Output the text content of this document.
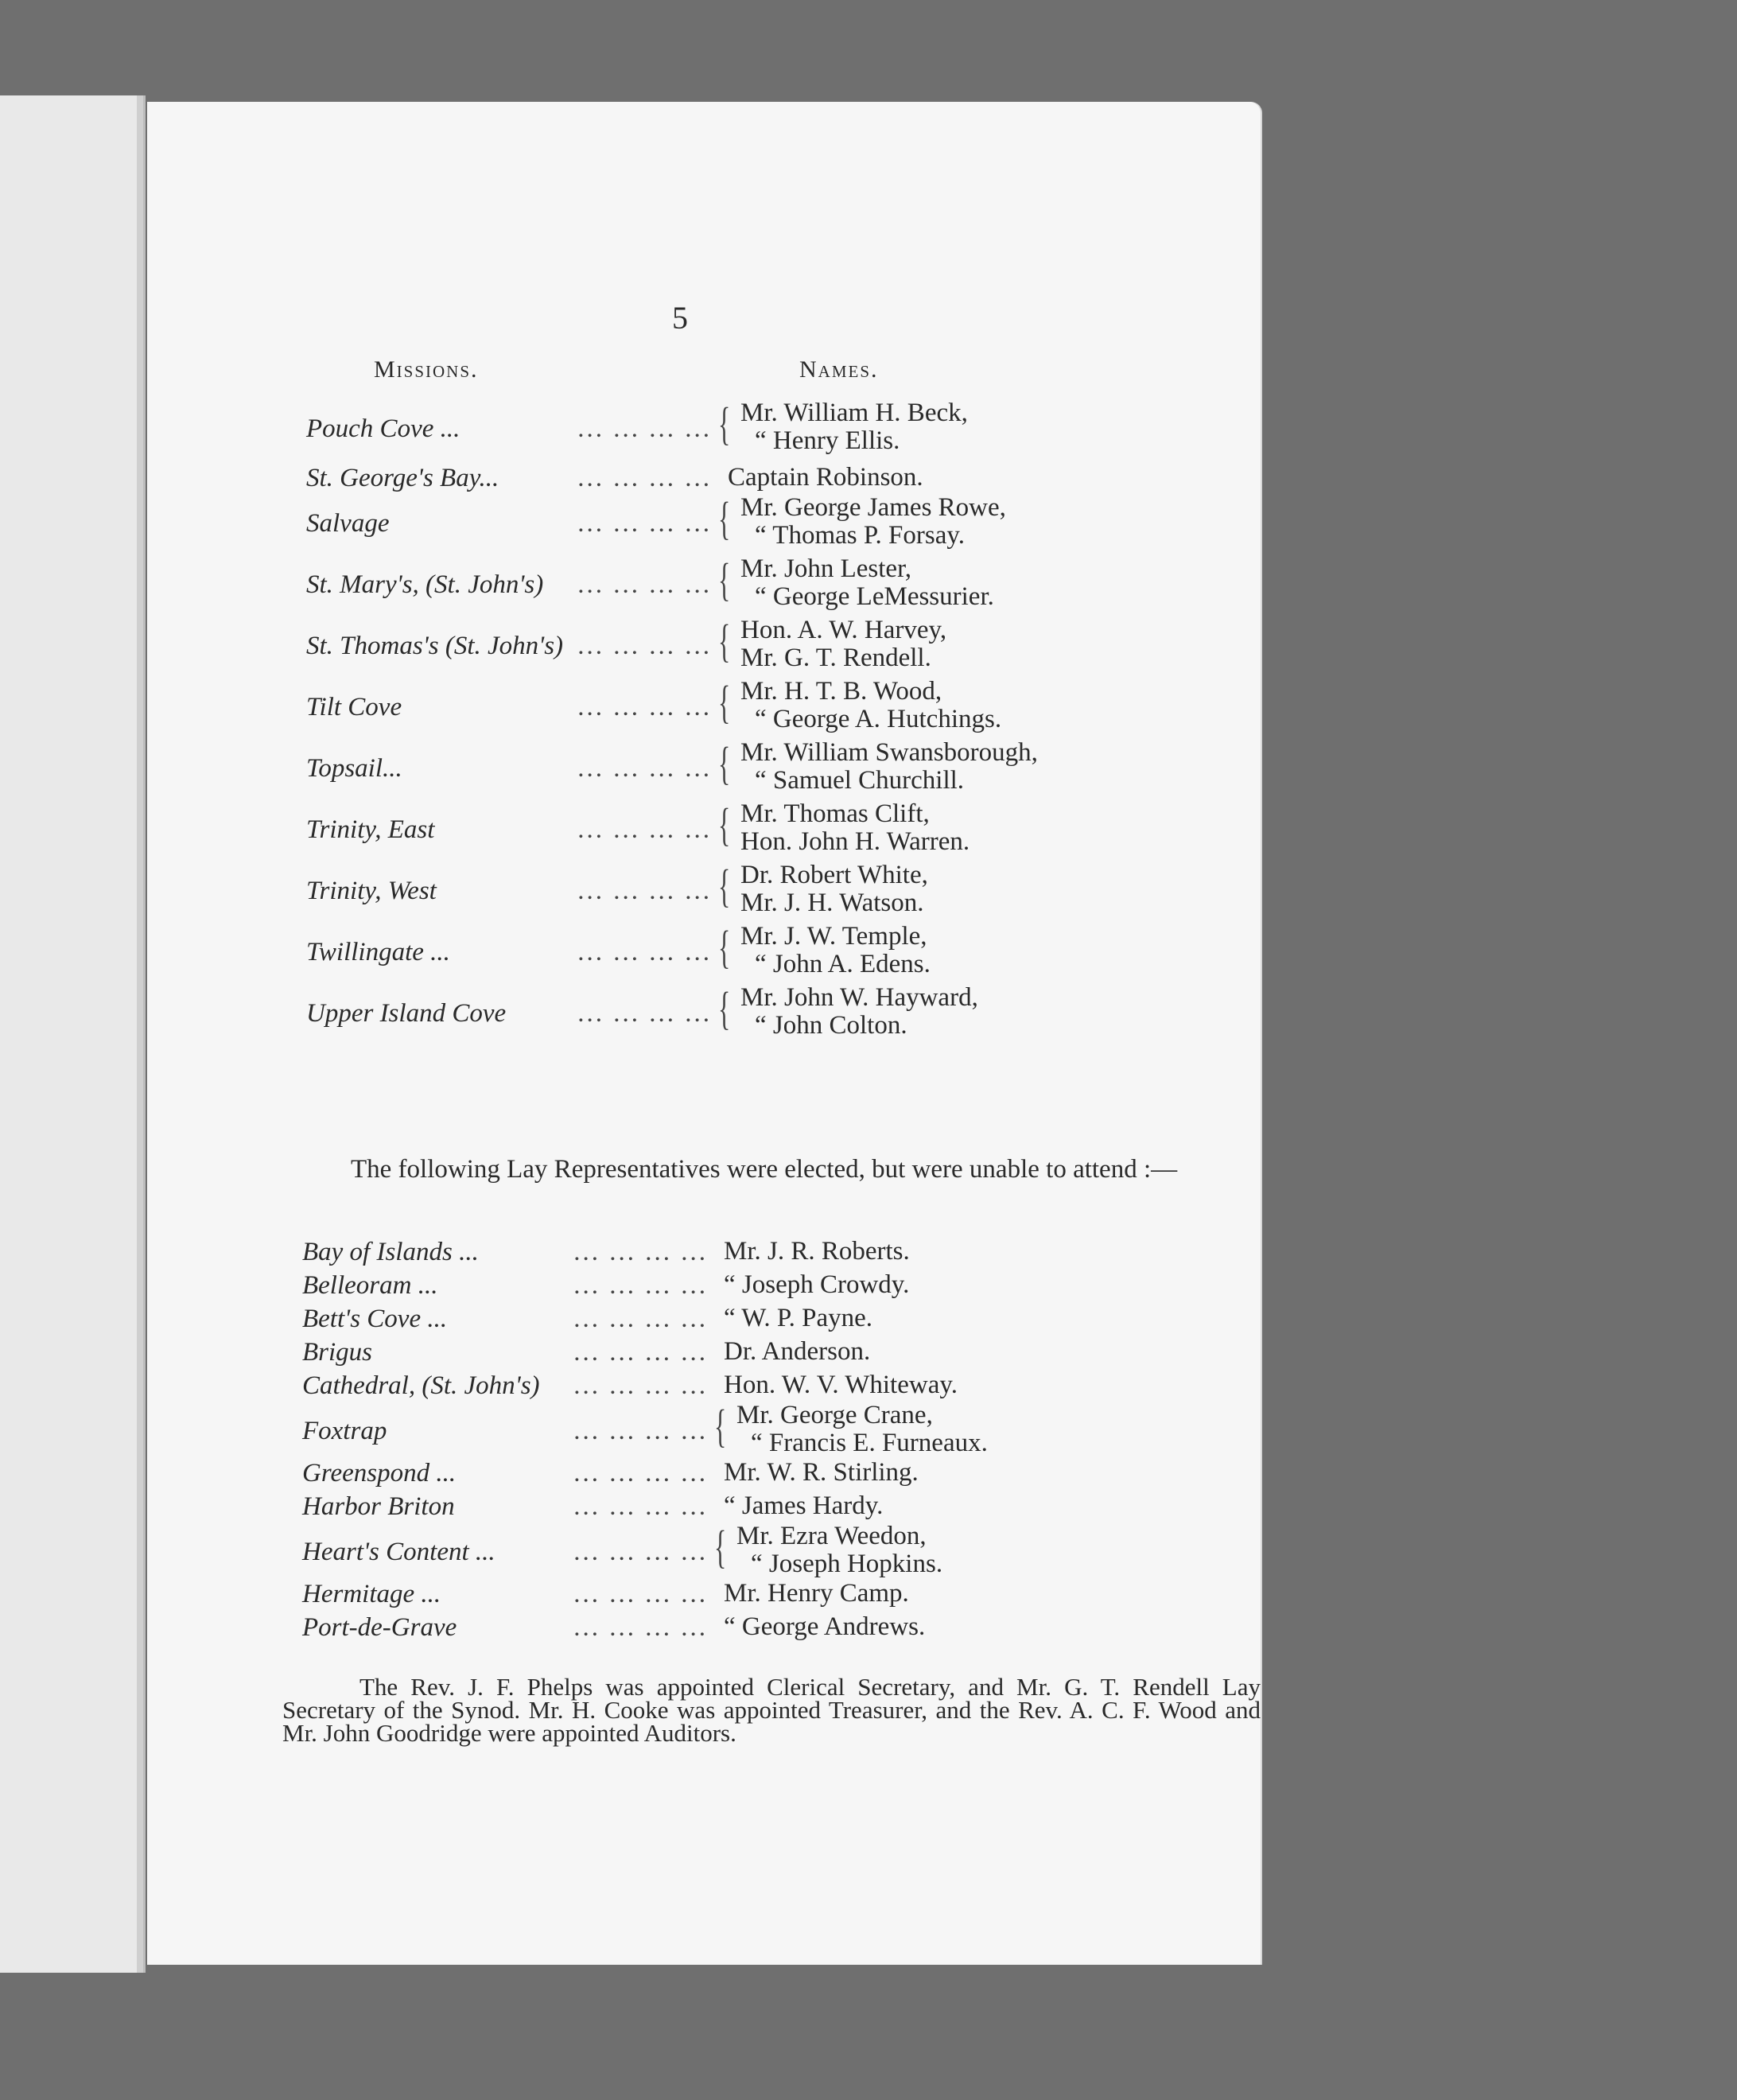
5
Missions.	Names.
Pouch Cove ...	... ... ... ... { Mr. William H. Beck,
“ Henry Ellis.
St. George's Bay...	... ... ... ... Captain Robinson.
Salvage	... ... ... ... { Mr. George James Rowe,
“ Thomas P. Forsay.
St. Mary's, (St. John's)	... ... ... ... { Mr. John Lester,
“ George LeMessurier.
St. Thomas's (St. John's) ... ... ... ... { Hon. A. W. Harvey,
Mr. G. T. Rendell.
Tilt Cove	... ... ... ... { Mr. H. T. B. Wood,
“ George A. Hutchings.
Topsail...	... ... ... ... { Mr. William Swansborough,
“ Samuel Churchill.
Trinity, East	... ... ... ... { Mr. Thomas Clift,
Hon. John H. Warren.
Trinity, West	... ... ... ... { Dr. Robert White,
Mr. J. H. Watson.
Twillingate ...	... ... ... ... { Mr. J. W. Temple,
“ John A. Edens.
Upper Island Cove	... ... ... ... { Mr. John W. Hayward,
“ John Colton.
The following Lay Representatives were elected, but were unable to attend :—
Bay of Islands ...	... ... ... ... Mr. J. R. Roberts.
Belleoram ...	... ... ... ... “ Joseph Crowdy.
Bett's Cove ...	... ... ... ... “ W. P. Payne.
Brigus	... ... ... ... Dr. Anderson.
Cathedral, (St. John's)	... ... ... ... Hon. W. V. Whiteway.
Foxtrap	... ... ... ... { Mr. George Crane,
“ Francis E. Furneaux.
Greenspond ...	... ... ... ... Mr. W. R. Stirling.
Harbor Briton	... ... ... ... “ James Hardy.
Heart's Content ...	... ... ... ... { Mr. Ezra Weedon,
“ Joseph Hopkins.
Hermitage ...	... ... ... ... Mr. Henry Camp.
Port-de-Grave	... ... ... ... “ George Andrews.
The Rev. J. F. Phelps was appointed Clerical Secretary, and Mr. G. T. Rendell Lay Secretary of the Synod. Mr. H. Cooke was appointed Treasurer, and the Rev. A. C. F. Wood and Mr. John Goodridge were appointed Auditors.
